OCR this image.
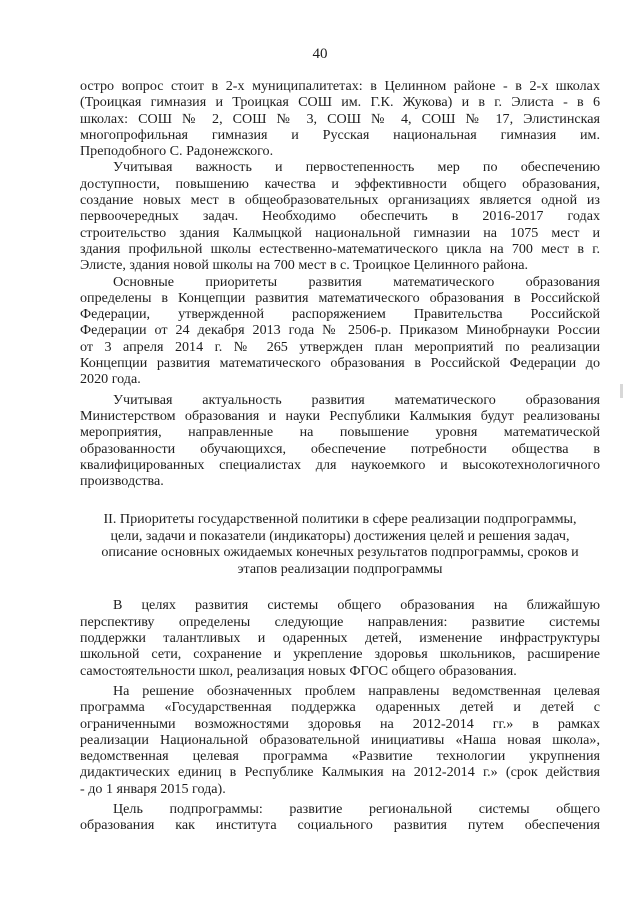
40

остро вопрос стоит в 2-х муниципалитетах: в Целинном районе - в 2-х школах
(Троицкая гимназия и Троицкая СОШ им. Г.К. Жукова) и в г. Элиста - в 6
школах: СОШ № 2, СОШ № 3, СОШ № 4, СОШ № 17, Элистинская
многопрофильная гимназия и Русская национальная гимназия им.
Преподобного С. Радонежского.

Учитывая важность и первостепенность мер по обеспечению
доступности, повышению качества и эффективности общего образования,
создание новых мест в общеобразовательных организациях является одной из
первоочередных задач. Необходимо обеспечить в 2016-2017 годах
строительство здания Калмыцкой национальной гимназии на 1075 мест и
здания профильной школы естественно-математического цикла на 700 мест в г.
Элисте, здания новой школы на 700 мест в с. Троицкое Целинного района.

Основные приоритеты развития математического образования
определены в Концепции развития математического образования в Российской
Федерации, утвержденной распоряжением Правительства Российской
Федерации от 24 декабря 2013 года № 2506-р. Приказом Минобрнауки России
от 3 апреля 2014 г. № 265 утвержден план мероприятий по реализации
Концепции развития математического образования в Российской Федерации до
2020 года.

Учитывая актуальность развития математического образования
Министерством образования и науки Республики Калмыкия будут реализованы
мероприятия, направленные на повышение уровня математической
образованности обучающихся, обеспечение потребности общества в
квалифицированных специалистах для наукоемкого и высокотехнологичного
производства.

II. Приоритеты государственной политики в сфере реализации подпрограммы,
цели, задачи и показатели (индикаторы) достижения целей и решения задач,
описание основных ожидаемых конечных результатов подпрограммы, сроков и
этапов реализации подпрограммы

В целях развития системы общего образования на ближайшую
перспективу определены следующие направления: развитие системы
поддержки талантливых и одаренных детей, изменение инфраструктуры
школьной сети, сохранение и укрепление здоровья школьников, расширение
самостоятельности школ, реализация новых ФГОС общего образования.

На решение обозначенных проблем направлены ведомственная целевая
программа «Государственная поддержка одаренных детей и детей с
ограниченными возможностями здоровья на 2012-2014 гг.» в рамках
реализации Национальной образовательной инициативы «Наша новая школа»,
ведомственная целевая программа «Развитие технологии укрупнения
дидактических единиц в Республике Калмыкия на 2012-2014 г.» (срок действия
- до 1 января 2015 года).

Цель подпрограммы: развитие региональной системы общего
образования как института социального развития путем обеспечения
